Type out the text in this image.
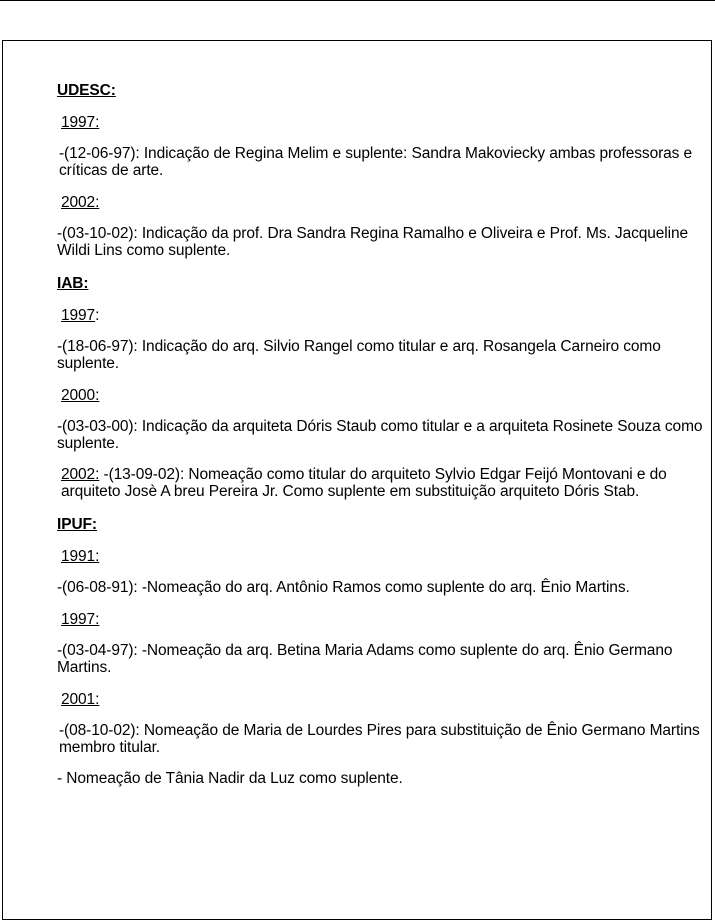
UDESC:
1997:
-(12-06-97): Indicação de Regina Melim e suplente: Sandra Makoviecky ambas professoras e críticas de arte.
2002:
-(03-10-02): Indicação da prof. Dra Sandra Regina Ramalho e Oliveira e Prof. Ms. Jacqueline Wildi Lins como suplente.
IAB:
1997:
-(18-06-97): Indicação do arq. Silvio Rangel como titular e arq. Rosangela Carneiro como suplente.
2000:
-(03-03-00): Indicação da arquiteta Dóris Staub como titular e a arquiteta Rosinete Souza como suplente.
2002: -(13-09-02): Nomeação como titular do arquiteto Sylvio Edgar Feijó Montovani e do arquiteto Josè A breu Pereira Jr. Como suplente em substituição arquiteto Dóris Stab.
IPUF:
1991:
-(06-08-91): -Nomeação do arq. Antônio Ramos como suplente do arq. Ênio Martins.
1997:
-(03-04-97): -Nomeação da arq. Betina Maria Adams como suplente do arq. Ênio Germano Martins.
2001:
-(08-10-02): Nomeação de Maria de Lourdes Pires para substituição de Ênio Germano Martins membro titular.
- Nomeação de Tânia Nadir da Luz como suplente.
